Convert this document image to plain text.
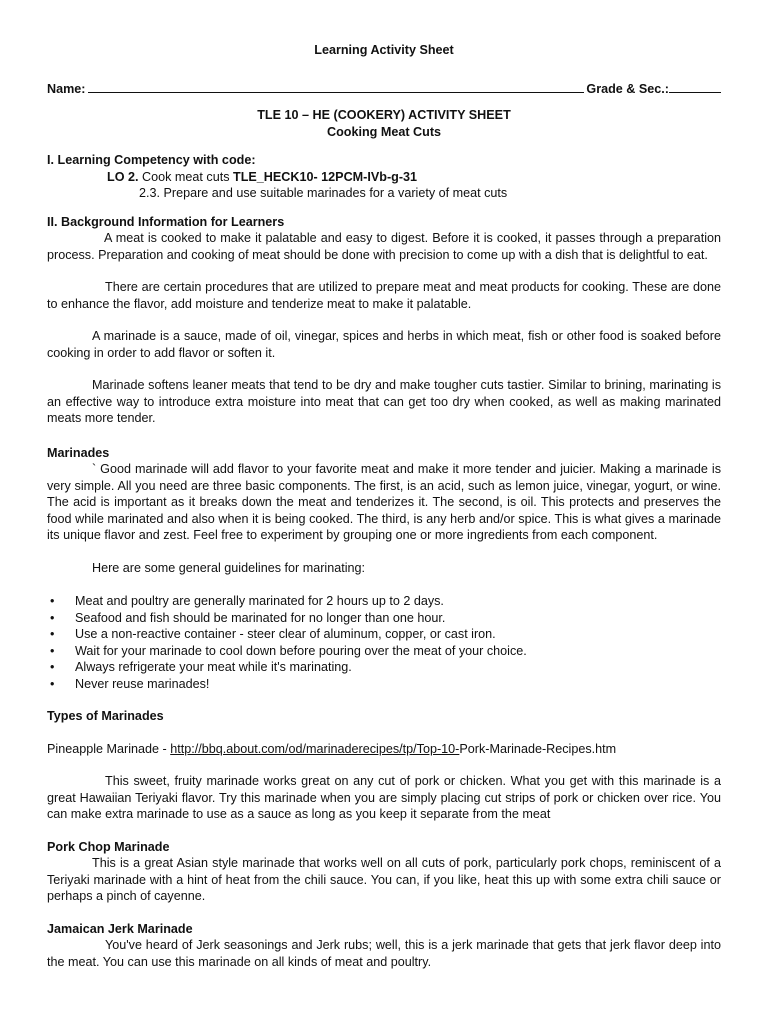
Learning Activity Sheet
Name:	Grade & Sec.:
TLE 10 – HE (COOKERY) ACTIVITY SHEET
Cooking Meat Cuts
I. Learning Competency with code:
LO 2. Cook meat cuts TLE_HECK10- 12PCM-IVb-g-31
2.3. Prepare and use suitable marinades for a variety of meat cuts
II. Background Information for Learners

A meat is cooked to make it palatable and easy to digest. Before it is cooked, it passes through a preparation process. Preparation and cooking of meat should be done with precision to come up with a dish that is delightful to eat.

There are certain procedures that are utilized to prepare meat and meat products for cooking. These are done to enhance the flavor, add moisture and tenderize meat to make it palatable.

A marinade is a sauce, made of oil, vinegar, spices and herbs in which meat, fish or other food is soaked before cooking in order to add flavor or soften it.

Marinade softens leaner meats that tend to be dry and make tougher cuts tastier. Similar to brining, marinating is an effective way to introduce extra moisture into meat that can get too dry when cooked, as well as making marinated meats more tender.

Marinades

` Good marinade will add flavor to your favorite meat and make it more tender and juicier. Making a marinade is very simple. All you need are three basic components. The first, is an acid, such as lemon juice, vinegar, yogurt, or wine. The acid is important as it breaks down the meat and tenderizes it. The second, is oil. This protects and preserves the food while marinated and also when it is being cooked. The third, is any herb and/or spice. This is what gives a marinade its unique flavor and zest. Feel free to experiment by grouping one or more ingredients from each component.

Here are some general guidelines for marinating:

• Meat and poultry are generally marinated for 2 hours up to 2 days.
• Seafood and fish should be marinated for no longer than one hour.
• Use a non-reactive container - steer clear of aluminum, copper, or cast iron.
• Wait for your marinade to cool down before pouring over the meat of your choice.
• Always refrigerate your meat while it's marinating.
• Never reuse marinades!
Types of Marinades

Pineapple Marinade - http://bbq.about.com/od/marinaderecipes/tp/Top-10-Pork-Marinade-Recipes.htm

This sweet, fruity marinade works great on any cut of pork or chicken. What you get with this marinade is a great Hawaiian Teriyaki flavor. Try this marinade when you are simply placing cut strips of pork or chicken over rice. You can make extra marinade to use as a sauce as long as you keep it separate from the meat

Pork Chop Marinade

This is a great Asian style marinade that works well on all cuts of pork, particularly pork chops, reminiscent of a Teriyaki marinade with a hint of heat from the chili sauce. You can, if you like, heat this up with some extra chili sauce or perhaps a pinch of cayenne.

Jamaican Jerk Marinade

You've heard of Jerk seasonings and Jerk rubs; well, this is a jerk marinade that gets that jerk flavor deep into the meat. You can use this marinade on all kinds of meat and poultry.
